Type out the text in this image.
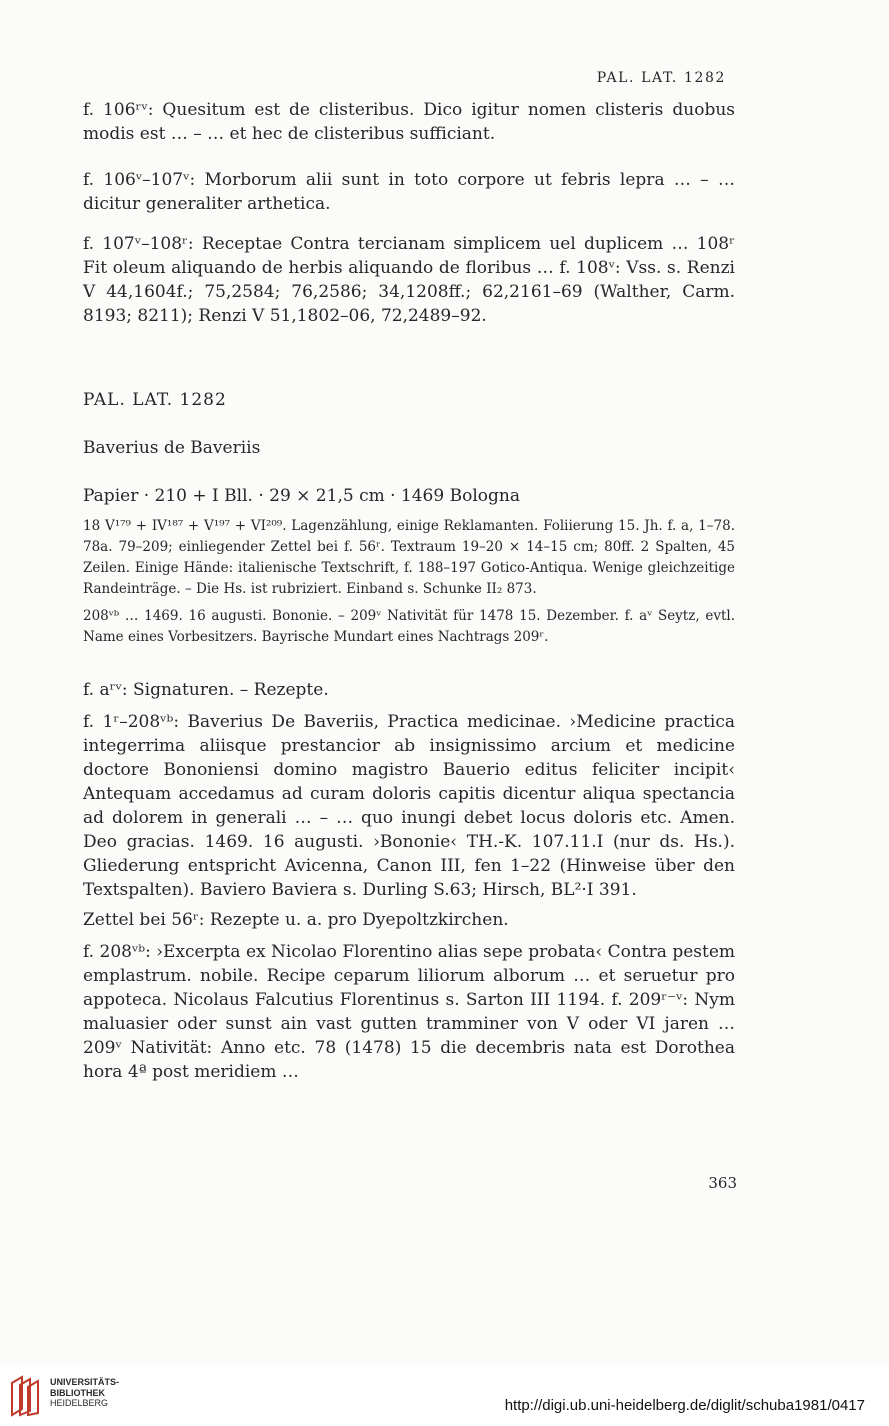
PAL. LAT. 1282

f. 106ʳᵛ: Quesitum est de clisteribus. Dico igitur nomen clisteris duobus modis est … – … et hec de clisteribus sufficiant.

f. 106ᵛ–107ᵛ: Morborum alii sunt in toto corpore ut febris lepra … – … dicitur generaliter arthetica.

f. 107ᵛ–108ʳ: Receptae Contra tercianam simplicem uel duplicem … 108ʳ Fit oleum aliquando de herbis aliquando de floribus … f. 108ᵛ: Vss. s. Renzi V 44,1604f.; 75,2584; 76,2586; 34,1208ff.; 62,2161–69 (Walther, Carm. 8193; 8211); Renzi V 51,1802–06, 72,2489–92.

PAL. LAT. 1282
Baverius de Baveriis

Papier · 210 + I Bll. · 29 × 21,5 cm · 1469 Bologna

18 V¹⁷⁹ + IV¹⁸⁷ + V¹⁹⁷ + VI²⁰⁹. Lagenzählung, einige Reklamanten. Foliierung 15. Jh. f. a, 1–78. 78a. 79–209; einliegender Zettel bei f. 56ʳ. Textraum 19–20 × 14–15 cm; 80ff. 2 Spalten, 45 Zeilen. Einige Hände: italienische Textschrift, f. 188–197 Gotico-Antiqua. Wenige gleichzeitige Randeinträge. – Die Hs. ist rubriziert. Einband s. Schunke II₂ 873.

208ᵛᵇ … 1469. 16 augusti. Bononie. – 209ᵛ Nativität für 1478 15. Dezember. f. aᵛ Seytz, evtl. Name eines Vorbesitzers. Bayrische Mundart eines Nachtrags 209ʳ.

f. aʳᵛ: Signaturen. – Rezepte.

f. 1ʳ–208ᵛᵇ: Baverius De Baveriis, Practica medicinae. ›Medicine practica integerrima aliisque prestancior ab insignissimo arcium et medicine doctore Bononiensi domino magistro Bauerio editus feliciter incipit‹ Antequam accedamus ad curam doloris capitis dicentur aliqua spectancia ad dolorem in generali … – … quo inungi debet locus doloris etc. Amen. Deo gracias. 1469. 16 augusti. ›Bononie‹ TH.-K. 107.11.I (nur ds. Hs.). Gliederung entspricht Avicenna, Canon III, fen 1–22 (Hinweise über den Textspalten). Baviero Baviera s. Durling S.63; Hirsch, BL²·I 391.

Zettel bei 56ʳ: Rezepte u. a. pro Dyepoltzkirchen.

f. 208ᵛᵇ: ›Excerpta ex Nicolao Florentino alias sepe probata‹ Contra pestem emplastrum. nobile. Recipe ceparum liliorum alborum … et seruetur pro appoteca. Nicolaus Falcutius Florentinus s. Sarton III 1194. f. 209ʳ⁻ᵛ: Nym maluasier oder sunst ain vast gutten tramminer von V oder VI jaren … 209ᵛ Nativität: Anno etc. 78 (1478) 15 die decembris nata est Dorothea hora 4ª post meridiem …

363
UNIVERSITÄTS-
BIBLIOTHEK
HEIDELBERG	http://digi.ub.uni-heidelberg.de/diglit/schuba1981/0417
